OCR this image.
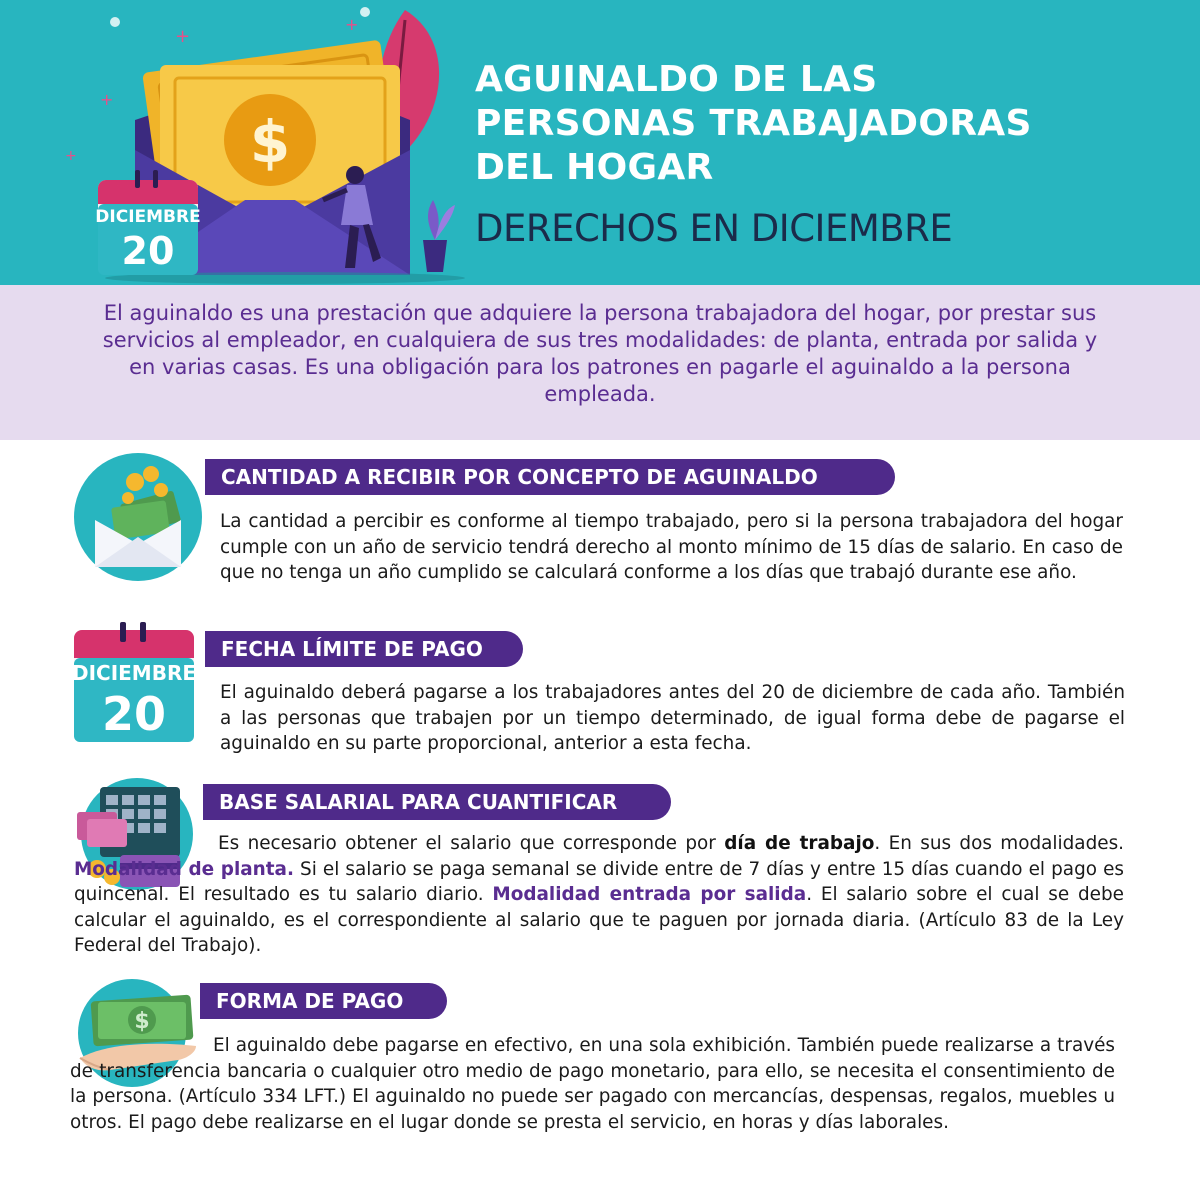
+
+
+
+	$
DICIEMBRE
20
AGUINALDO DE LAS
PERSONAS TRABAJADORAS
DEL HOGAR
DERECHOS EN DICIEMBRE

El aguinaldo es una prestación que adquiere la persona trabajadora del hogar, por prestar sus servicios al empleador, en cualquiera de sus tres modalidades: de planta, entrada por salida y en varias casas. Es una obligación para los patrones en pagarle el aguinaldo a la persona empleada.

CANTIDAD A RECIBIR POR CONCEPTO DE AGUINALDO
La cantidad a percibir es conforme al tiempo trabajado, pero si la persona trabajadora del hogar cumple con un año de servicio tendrá derecho al monto mínimo de 15 días de salario. En caso de que no tenga un año cumplido se calculará conforme a los días que trabajó durante ese año.
DICIEMBRE
20
FECHA LÍMITE DE PAGO
El aguinaldo deberá pagarse a los trabajadores antes del 20 de diciembre de cada año. También a las personas que trabajen por un tiempo determinado, de igual forma debe de pagarse el aguinaldo en su parte proporcional, anterior a esta fecha.
BASE SALARIAL PARA CUANTIFICAR
Es necesario obtener el salario que corresponde por día de trabajo. En sus dos modalidades. Modalidad de planta. Si el salario se paga semanal se divide entre de 7 días y entre 15 días cuando el pago es quincenal. El resultado es tu salario diario. Modalidad entrada por salida. El salario sobre el cual se debe calcular el aguinaldo, es el correspondiente al salario que te paguen por jornada diaria. (Artículo 83 de la Ley Federal del Trabajo).
$
FORMA DE PAGO
El aguinaldo debe pagarse en efectivo, en una sola exhibición. También puede realizarse a través de transferencia bancaria o cualquier otro medio de pago monetario, para ello, se necesita el consentimiento de la persona. (Artículo 334 LFT.) El aguinaldo no puede ser pagado con mercancías, despensas, regalos, muebles u otros. El pago debe realizarse en el lugar donde se presta el servicio, en horas y días laborales.
